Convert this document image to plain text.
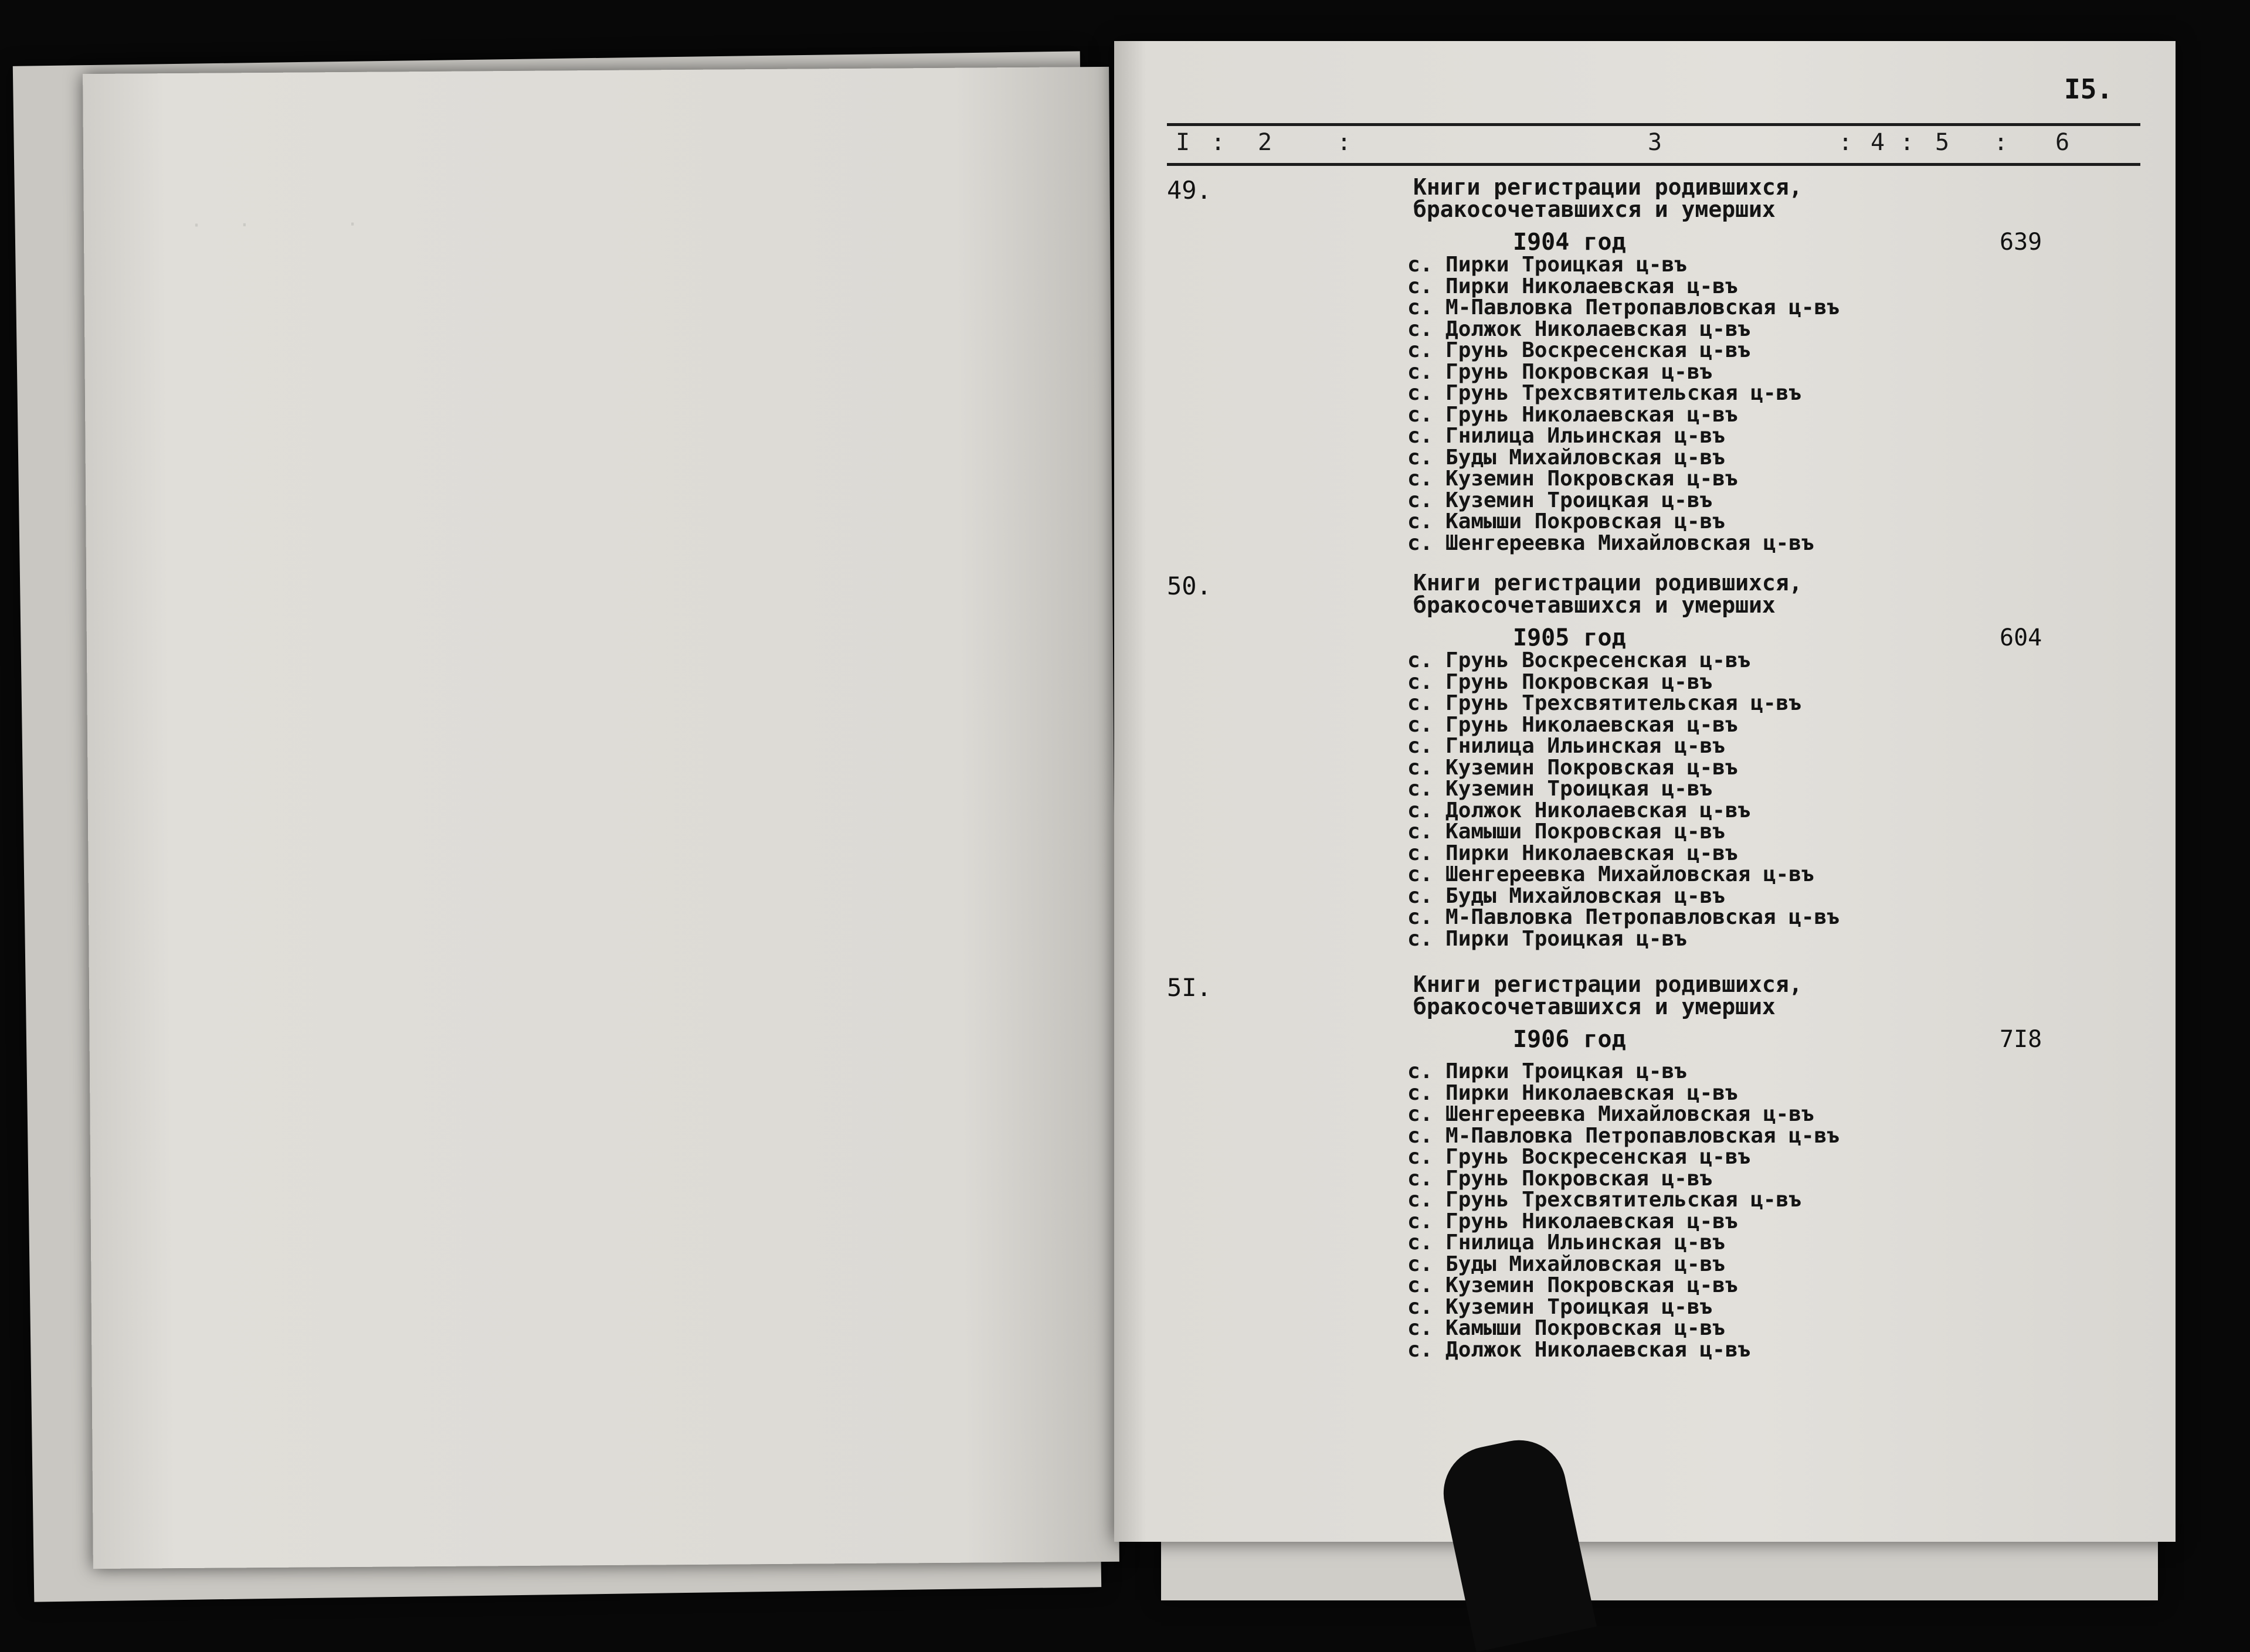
·   ·        ·

I5.
I : 2	:	3	: 4 : 5 : 6
49.	Книги регистрации родившихся,
бракосочетавшихся и умерших
I904 год	639
с. Пирки Троицкая ц-въ
с. Пирки Николаевская ц-въ
с. М-Павловка Петропавловская ц-въ
с. Должок Николаевская ц-въ
с. Грунь Воскресенская ц-въ
с. Грунь Покровская ц-въ
с. Грунь Трехсвятительская ц-въ
с. Грунь Николаевская ц-въ
с. Гнилица Ильинская ц-въ
с. Буды Михайловская ц-въ
с. Куземин Покровская ц-въ
с. Куземин Троицкая ц-въ
с. Камыши Покровская ц-въ
с. Шенгереевка Михайловская ц-въ
50.	Книги регистрации родившихся,
бракосочетавшихся и умерших
I905 год	604
с. Грунь Воскресенская ц-въ
с. Грунь Покровская ц-въ
с. Грунь Трехсвятительская ц-въ
с. Грунь Николаевская ц-въ
с. Гнилица Ильинская ц-въ
с. Куземин Покровская ц-въ
с. Куземин Троицкая ц-въ
с. Должок Николаевская ц-въ
с. Камыши Покровская ц-въ
с. Пирки Николаевская ц-въ
с. Шенгереевка Михайловская ц-въ
с. Буды Михайловская ц-въ
с. М-Павловка Петропавловская ц-въ
с. Пирки Троицкая ц-въ
5I.	Книги регистрации родившихся,
бракосочетавшихся и умерших
I906 год	7I8
с. Пирки Троицкая ц-въ
с. Пирки Николаевская ц-въ
с. Шенгереевка Михайловская ц-въ
с. М-Павловка Петропавловская ц-въ
с. Грунь Воскресенская ц-въ
с. Грунь Покровская ц-въ
с. Грунь Трехсвятительская ц-въ
с. Грунь Николаевская ц-въ
с. Гнилица Ильинская ц-въ
с. Буды Михайловская ц-въ
с. Куземин Покровская ц-въ
с. Куземин Троицкая ц-въ
с. Камыши Покровская ц-въ
с. Должок Николаевская ц-въ
